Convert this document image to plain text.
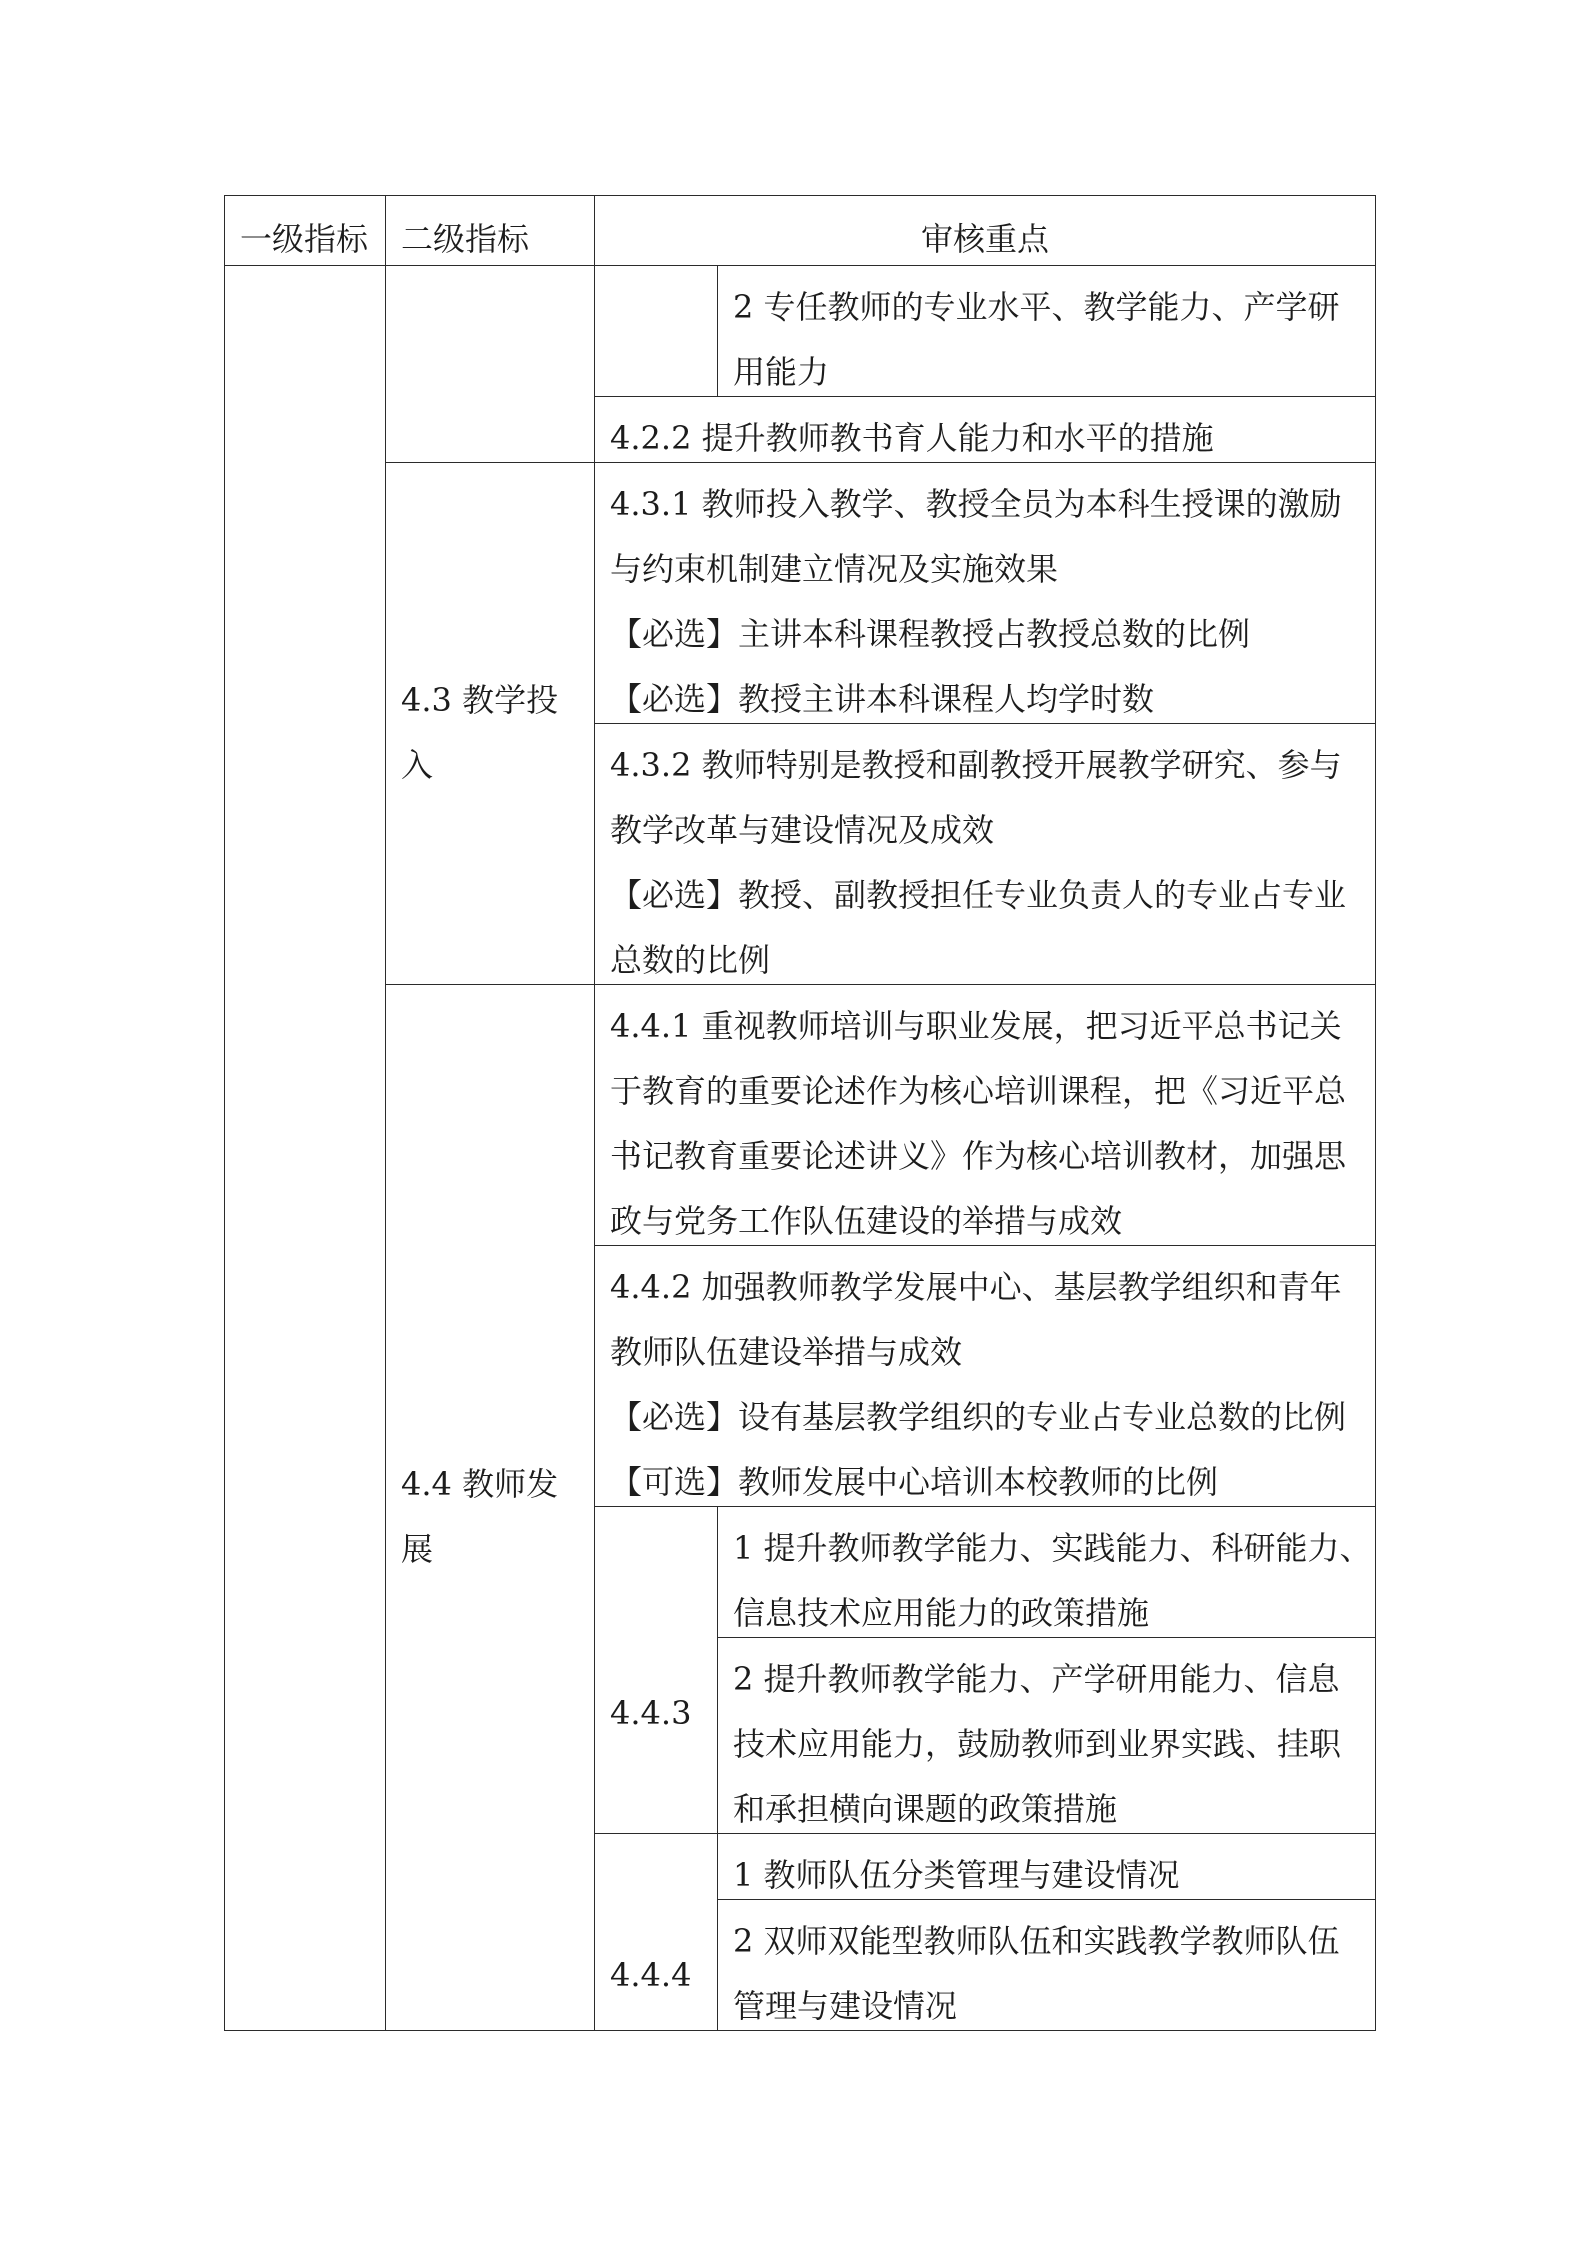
一级指标	二级指标	审核重点	

			2 专任教师的专业水平、教学能力、产学研
用能力

		4.2.2 提升教师教书育人能力和水平的措施	

	4.3 教学投
入	4.3.1 教师投入教学、教授全员为本科生授课的激励
与约束机制建立情况及实施效果
【必选】主讲本科课程教授占教授总数的比例
【必选】教授主讲本科课程人均学时数	

		4.3.2 教师特别是教授和副教授开展教学研究、参与
教学改革与建设情况及成效
【必选】教授、副教授担任专业负责人的专业占专业
总数的比例	

	4.4 教师发
展	4.4.1 重视教师培训与职业发展，把习近平总书记关
于教育的重要论述作为核心培训课程，把《习近平总
书记教育重要论述讲义》作为核心培训教材，加强思
政与党务工作队伍建设的举措与成效	

		4.4.2 加强教师教学发展中心、基层教学组织和青年
教师队伍建设举措与成效
【必选】设有基层教学组织的专业占专业总数的比例
【可选】教师发展中心培训本校教师的比例	

		4.4.3	1 提升教师教学能力、实践能力、科研能力、
信息技术应用能力的政策措施

			2 提升教师教学能力、产学研用能力、信息
技术应用能力，鼓励教师到业界实践、挂职
和承担横向课题的政策措施

		4.4.4	1 教师队伍分类管理与建设情况

			2 双师双能型教师队伍和实践教学教师队伍
管理与建设情况
